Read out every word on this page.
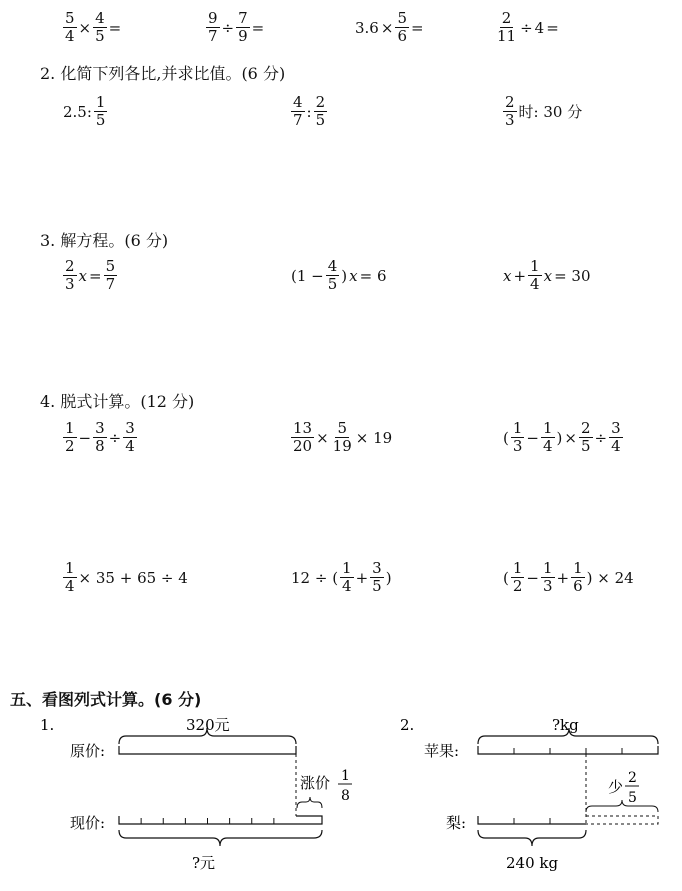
$\frac{5}{4} \times \frac{4}{5}$ =	$\frac{9}{7} \div \frac{7}{9}$ =	$3.6 \times \frac{5}{6}$ =	$\frac{2}{11} \div 4$ =
2. 化简下列各比,并求比值。(6 分)
2.5: $\frac{1}{5}$	$\frac{4}{7}$ : $\frac{2}{5}$	$\frac{2}{3}$ 时: 30 分
3. 解方程。(6 分)
$\frac{2}{3}$ $x = \frac{5}{7}$	($1 - \frac{4}{5}$ ) x = 6	$x + \frac{1}{4}$ x = 30
4. 脱式计算。(12 分)
$\frac{1}{2} - \frac{3}{8} \div \frac{3}{4}$	$\frac{13}{20} \times \frac{5}{19} \times 19$	( $\frac{1}{3} - \frac{1}{4}$ ) × $\frac{2}{5} \div \frac{3}{4}$
$\frac{1}{4} \times 35 + 65 \div 4$	12 ÷ ( $\frac{1}{4} + \frac{3}{5}$ )	( $\frac{1}{2} - \frac{1}{3} + \frac{1}{6}$ ) × 24
五、看图列式计算。(6 分)
1.	320元
原价:
涨价 1
8
现价:
?元
2.	?kg
苹果:
少 2
5
梨:
240 kg
